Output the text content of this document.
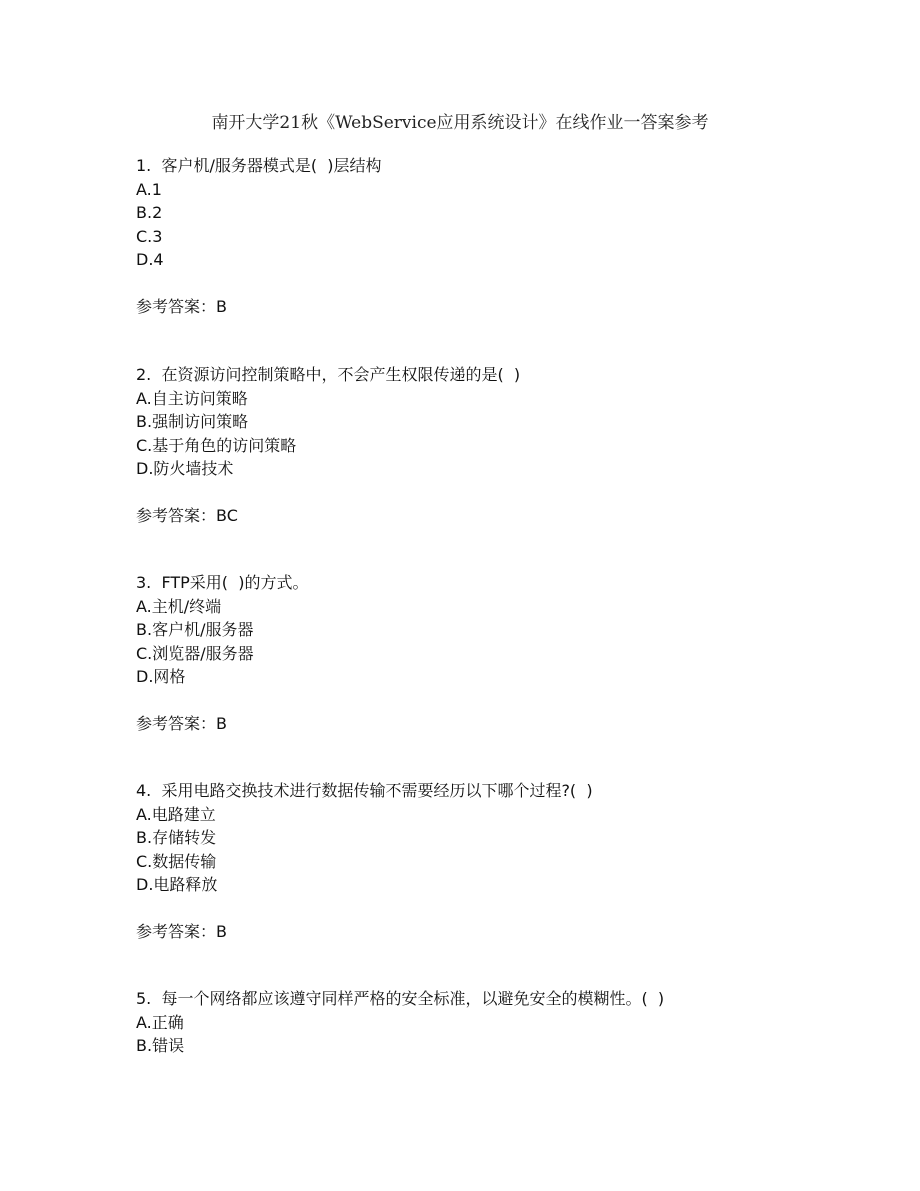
南开大学21秋《WebService应用系统设计》在线作业一答案参考
1.  客户机/服务器模式是(  )层结构
A.1
B.2
C.3
D.4
参考答案：B
2.  在资源访问控制策略中，不会产生权限传递的是(  )
A.自主访问策略
B.强制访问策略
C.基于角色的访问策略
D.防火墙技术
参考答案：BC
3.  FTP采用(  )的方式。
A.主机/终端
B.客户机/服务器
C.浏览器/服务器
D.网格
参考答案：B
4.  采用电路交换技术进行数据传输不需要经历以下哪个过程?(  )
A.电路建立
B.存储转发
C.数据传输
D.电路释放
参考答案：B
5.  每一个网络都应该遵守同样严格的安全标准，以避免安全的模糊性。(  )
A.正确
B.错误
